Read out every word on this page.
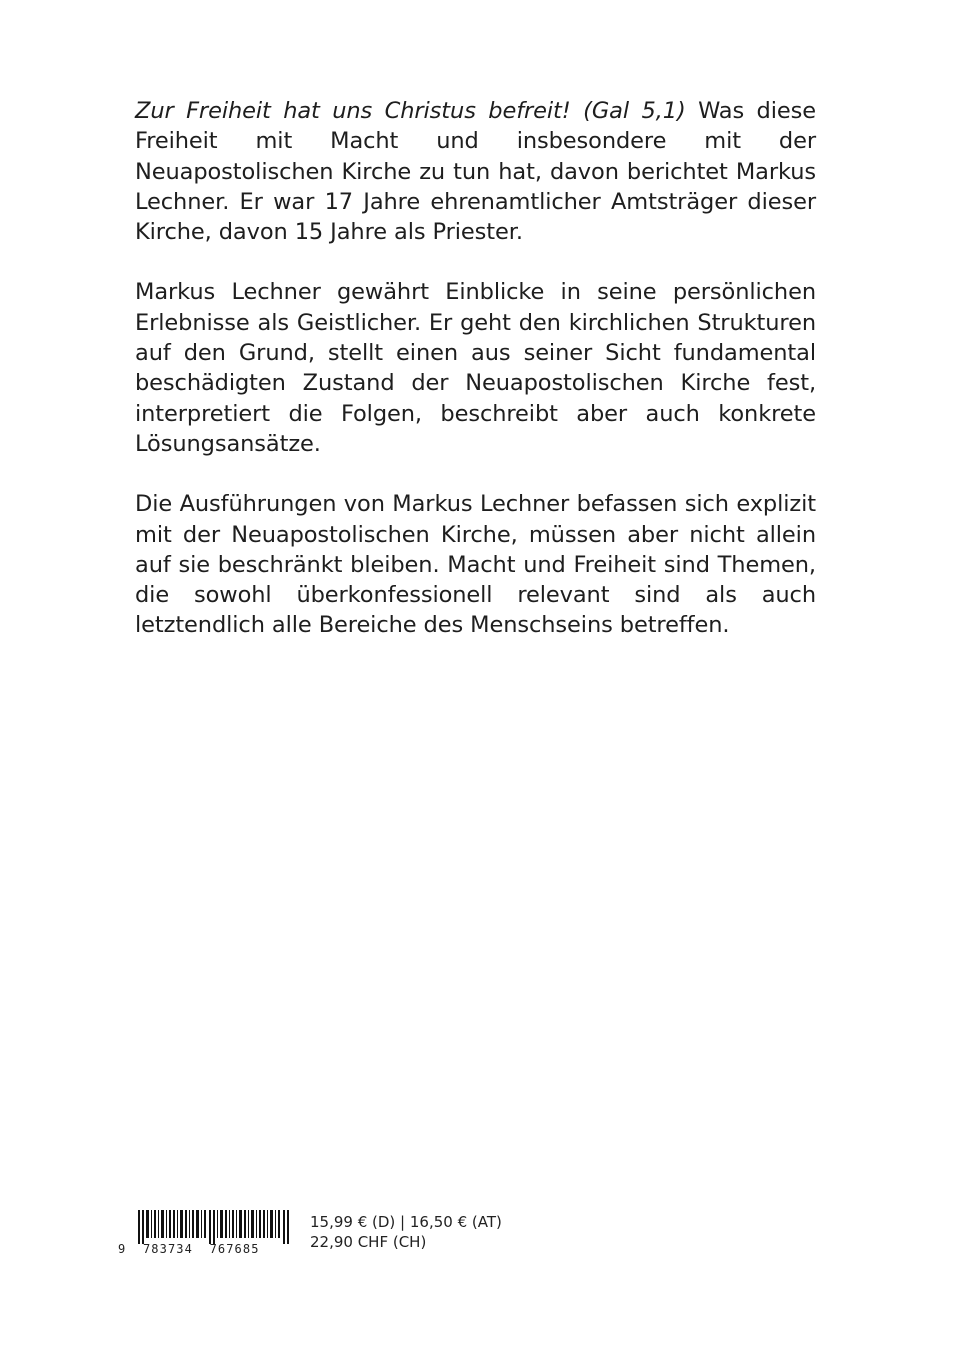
Zur Freiheit hat uns Christus befreit! (Gal 5,1) Was diese Freiheit mit Macht und insbesondere mit der Neuapostolischen Kirche zu tun hat, davon berichtet Markus Lechner. Er war 17 Jahre ehrenamtlicher Amtsträger dieser Kirche, davon 15 Jahre als Priester.

Markus Lechner gewährt Einblicke in seine persönlichen Erlebnisse als Geistlicher. Er geht den kirchlichen Strukturen auf den Grund, stellt einen aus seiner Sicht fundamental beschädigten Zustand der Neuapostolischen Kirche fest, interpretiert die Folgen, beschreibt aber auch konkrete Lösungsansätze.

Die Ausführungen von Markus Lechner befassen sich explizit mit der Neuapostolischen Kirche, müssen aber nicht allein auf sie beschränkt bleiben. Macht und Freiheit sind Themen, die sowohl überkonfessionell relevant sind als auch letztendlich alle Bereiche des Menschseins betreffen.

9  783734  767685
15,99 € (D) | 16,50 € (AT)
22,90 CHF (CH)
